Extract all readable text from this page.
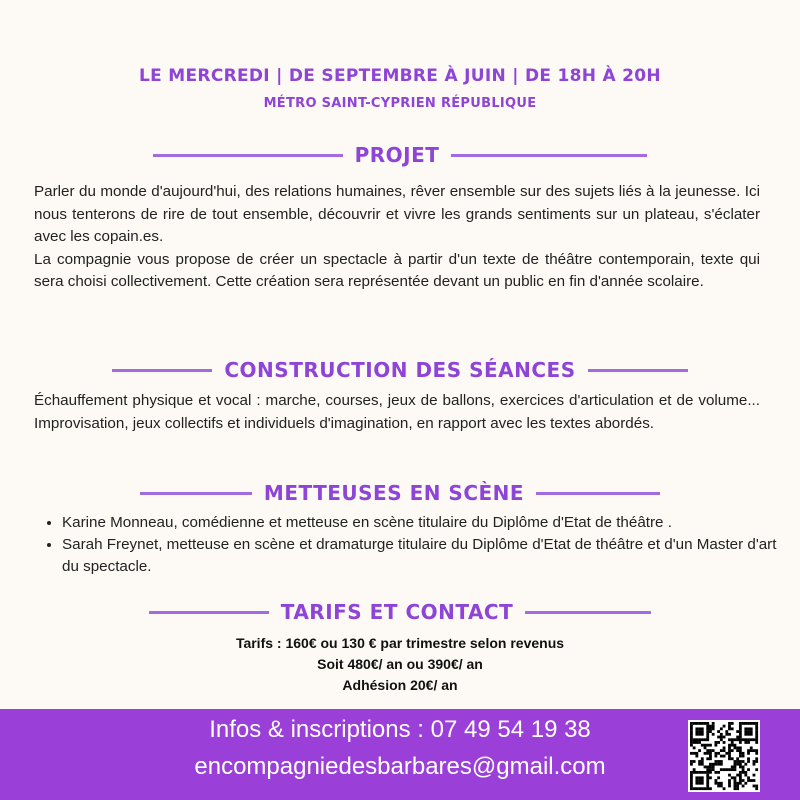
LE MERCREDI | DE SEPTEMBRE À JUIN | DE 18H À 20H
MÉTRO SAINT-CYPRIEN RÉPUBLIQUE
PROJET

Parler du monde d'aujourd'hui, des relations humaines, rêver ensemble sur des sujets liés à la jeunesse. Ici nous tenterons de rire de tout ensemble, découvrir et vivre les grands sentiments sur un plateau, s'éclater avec les copain.es.

La compagnie vous propose de créer un spectacle à partir d'un texte de théâtre contemporain, texte qui sera choisi collectivement. Cette création sera représentée devant un public en fin d'année scolaire.

CONSTRUCTION DES SÉANCES

Échauffement physique et vocal : marche, courses, jeux de ballons, exercices d'articulation et de volume... Improvisation, jeux collectifs et individuels d'imagination, en rapport avec les textes abordés.

METTEUSES EN SCÈNE
• Karine Monneau, comédienne et metteuse en scène titulaire du Diplôme d'Etat de théâtre .
• Sarah Freynet, metteuse en scène et dramaturge titulaire du Diplôme d'Etat de théâtre et d'un Master d'art du spectacle.
TARIFS ET CONTACT
Tarifs : 160€ ou 130 € par trimestre selon revenus
Soit 480€/ an ou 390€/ an
Adhésion 20€/ an
Infos & inscriptions : 07 49 54 19 38
encompagniedesbarbares@gmail.com
